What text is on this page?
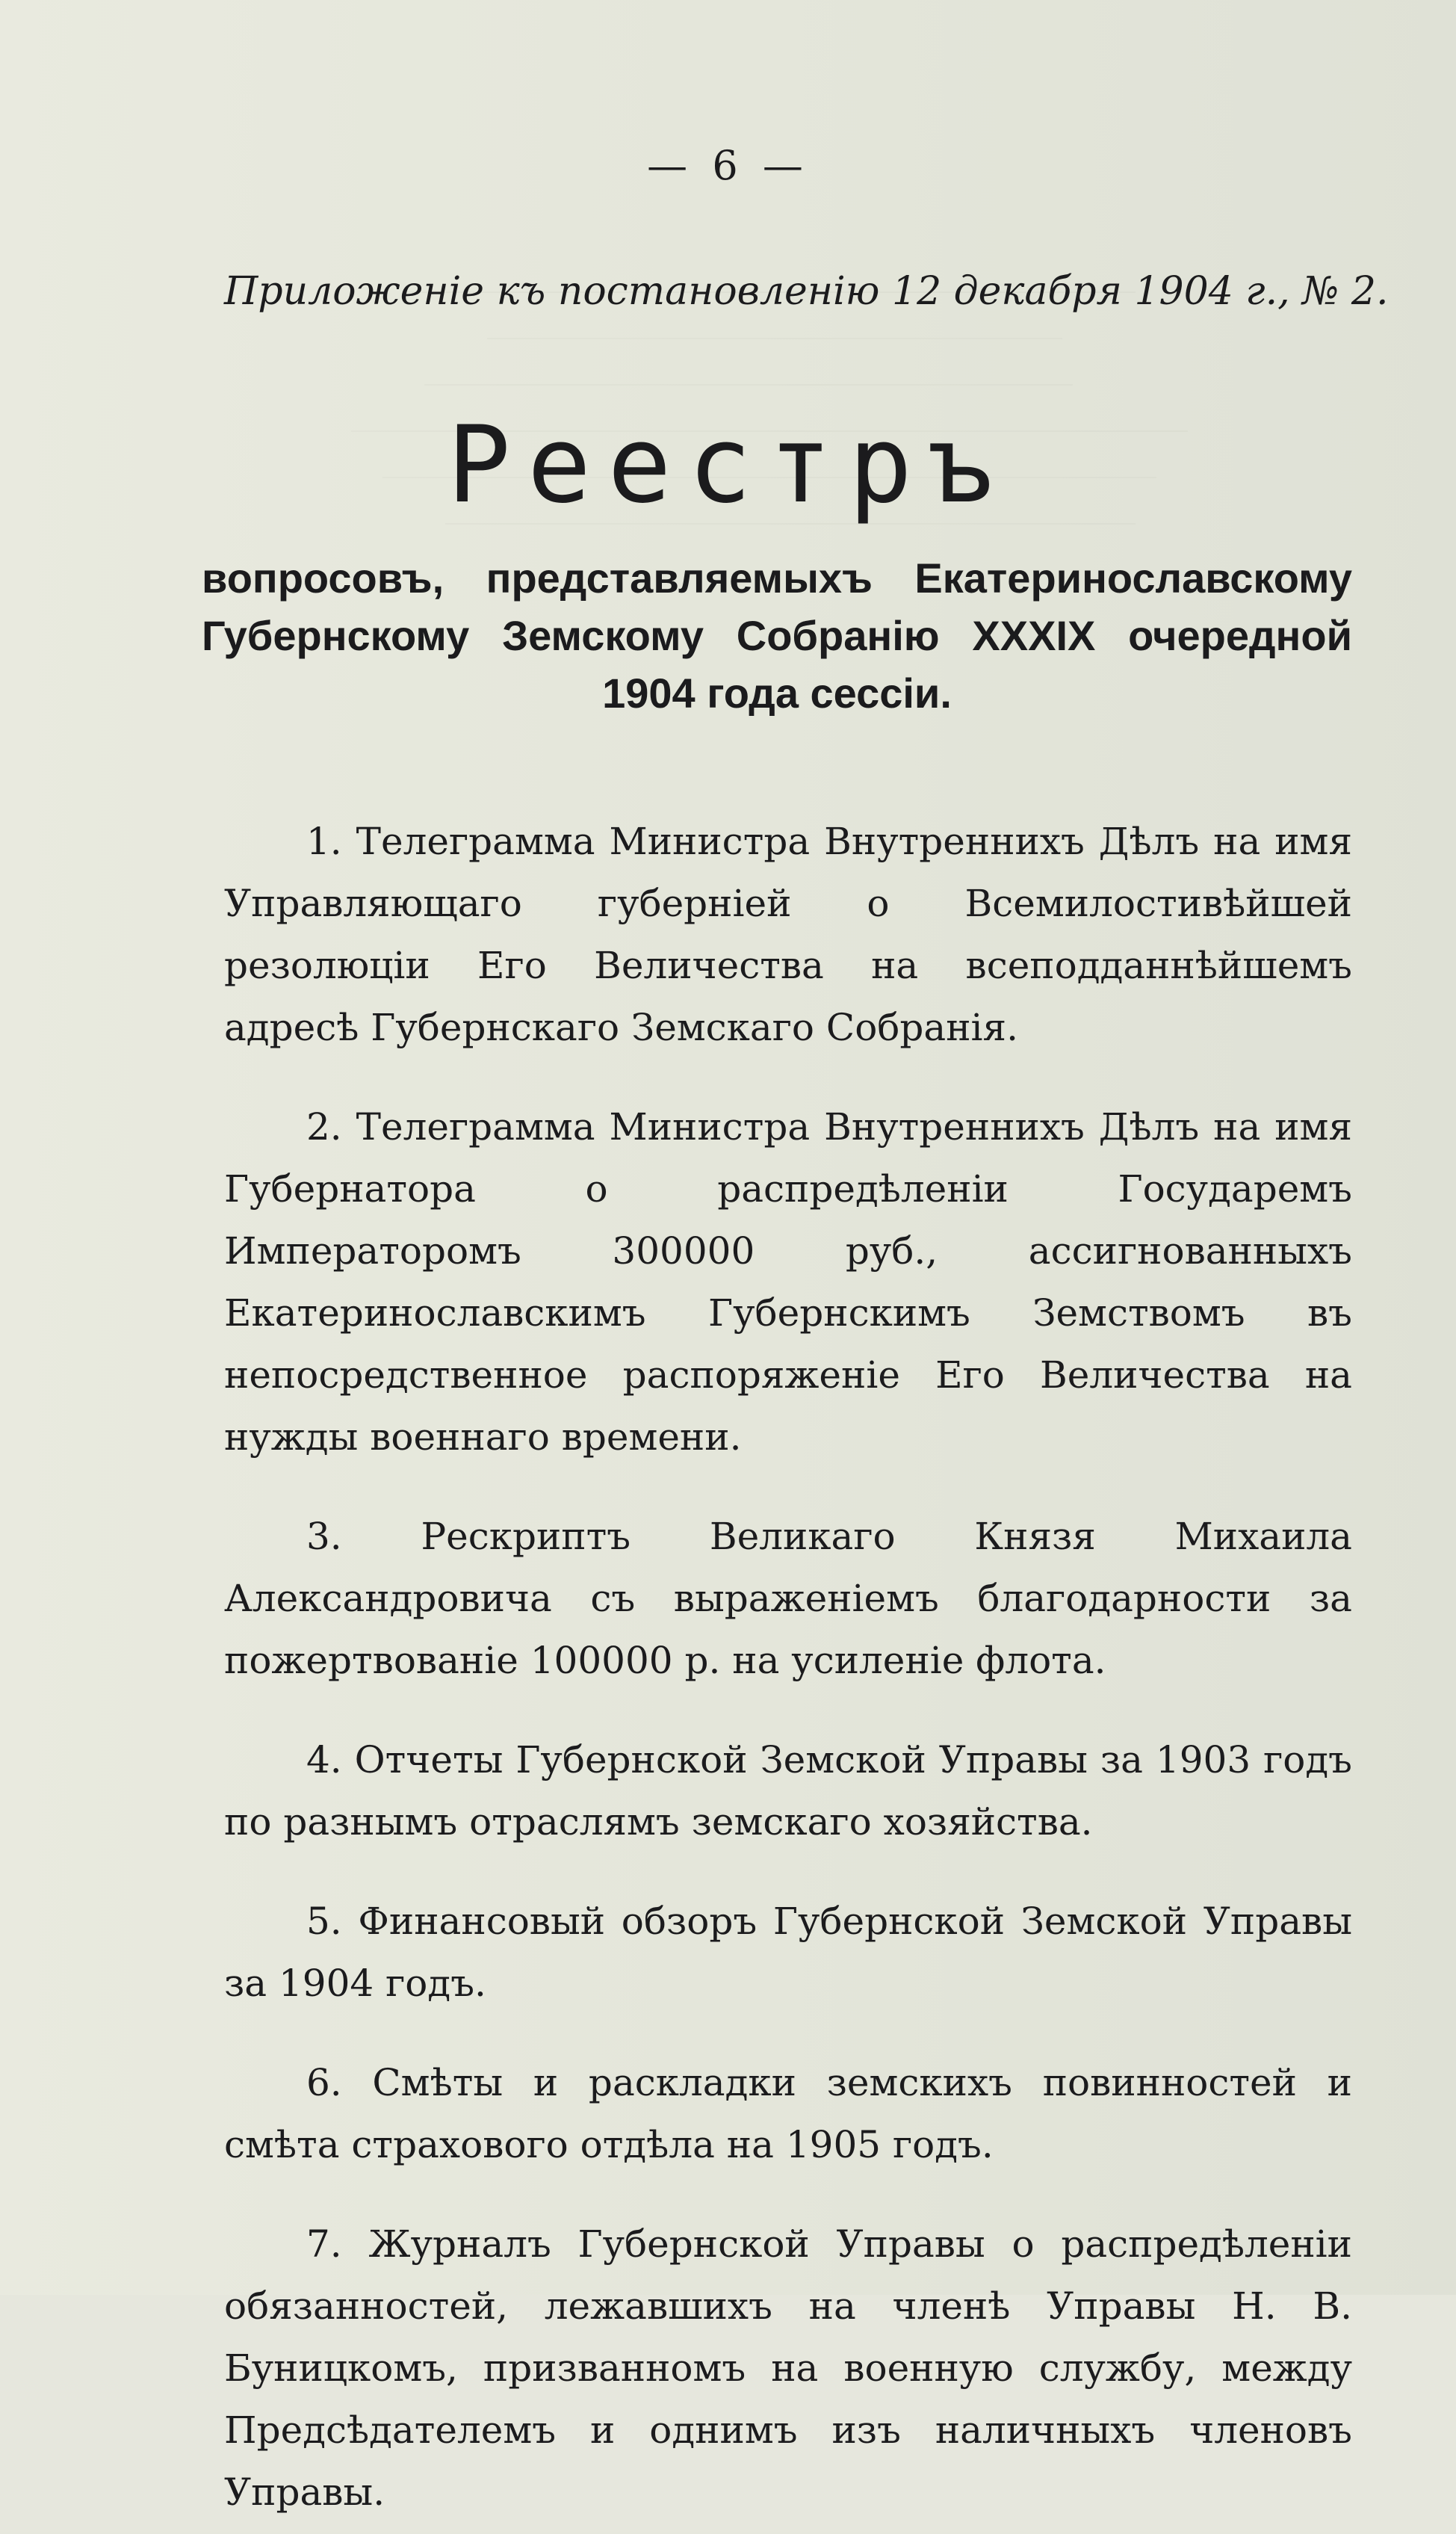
— 6 —
Приложеніе къ постановленію 12 декабря 1904 г., № 2.
Реестръ
вопросовъ, представляемыхъ Екатеринославскому Губернскому Земскому Собранію XXXIX очередной 1904 года сессіи.

1. Телеграмма Министра Внутреннихъ Дѣлъ на имя Управляющаго губерніей о Всемилостивѣйшей резолюціи Его Величества на всеподданнѣйшемъ адресѣ Губернскаго Земскаго Собранія.

2. Телеграмма Министра Внутреннихъ Дѣлъ на имя Губернатора о распредѣленіи Государемъ Императоромъ 300000 руб., ассигнованныхъ Екатеринославскимъ Губернскимъ Земствомъ въ непосредственное распоряженіе Его Величества на нужды военнаго времени.

3. Рескриптъ Великаго Князя Михаила Александровича съ выраженіемъ благодарности за пожертвованіе 100000 р. на усиленіе флота.

4. Отчеты Губернской Земской Управы за 1903 годъ по разнымъ отраслямъ земскаго хозяйства.

5. Финансовый обзоръ Губернской Земской Управы за 1904 годъ.

6. Смѣты и раскладки земскихъ повинностей и смѣта страхового отдѣла на 1905 годъ.

7. Журналъ Губернской Управы о распредѣленіи обязанностей, лежавшихъ на членѣ Управы Н. В. Буницкомъ, призванномъ на военную службу, между Предсѣдателемъ и однимъ изъ наличныхъ членовъ Управы.
